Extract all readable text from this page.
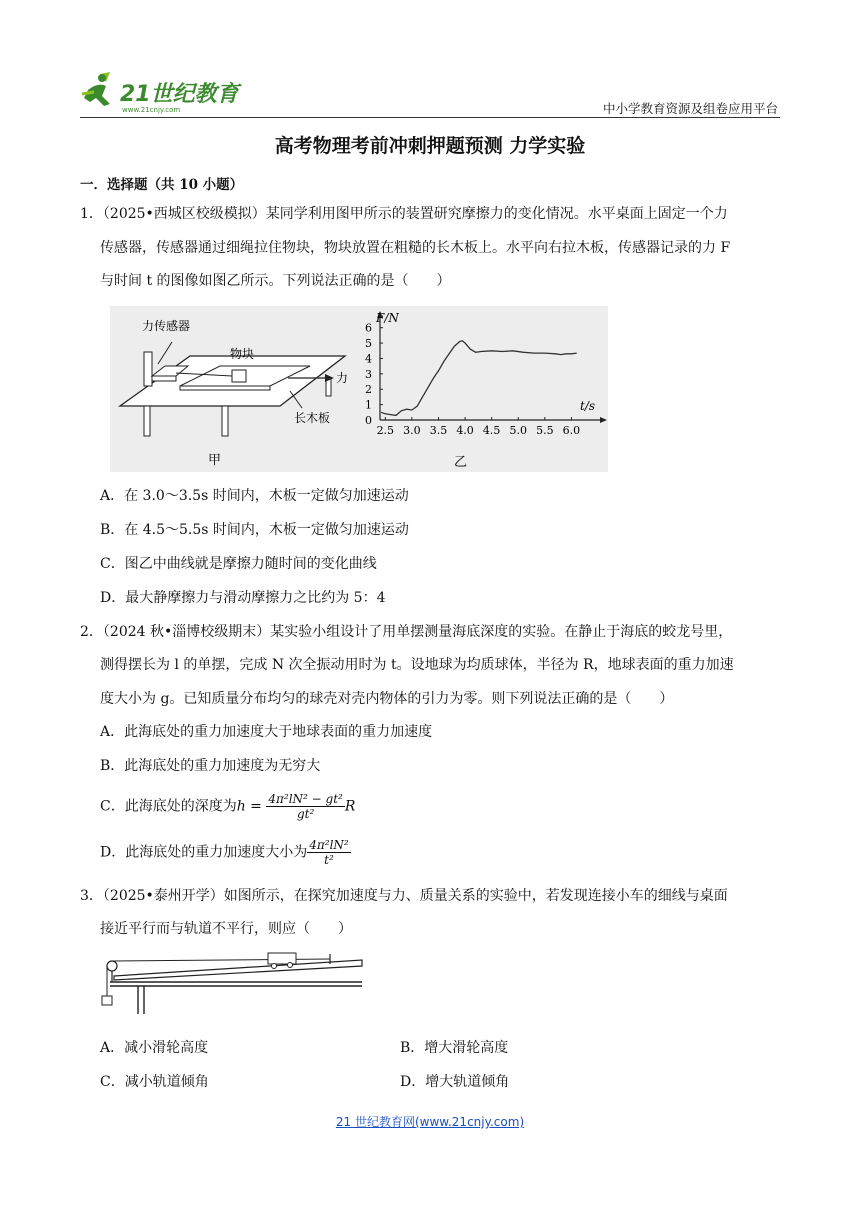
21世纪教育
www.21cnjy.com	中小学教育资源及组卷应用平台
高考物理考前冲刺押题预测 力学实验
一．选择题（共 10 小题）
1．（2025•西城区校级模拟）某同学利用图甲所示的装置研究摩擦力的变化情况。水平桌面上固定一个力
传感器，传感器通过细绳拉住物块，物块放置在粗糙的长木板上。水平向右拉木板，传感器记录的力 F
与时间 t 的图像如图乙所示。下列说法正确的是（　　）
力传感器
物块
力
长木板
甲
2.5 3.0 3.5 4.0 4.5 5.0 5.5 6.0
0
1
2
3
4
5
6
F/N
t/s
乙
A．在 3.0～3.5s 时间内，木板一定做匀加速运动
B．在 4.5～5.5s 时间内，木板一定做匀加速运动
C．图乙中曲线就是摩擦力随时间的变化曲线
D．最大静摩擦力与滑动摩擦力之比约为 5：4
2．（2024 秋•淄博校级期末）某实验小组设计了用单摆测量海底深度的实验。在静止于海底的蛟龙号里，
测得摆长为 l 的单摆，完成 N 次全振动用时为 t。设地球为均质球体，半径为 R，地球表面的重力加速
度大小为 g。已知质量分布均匀的球壳对壳内物体的引力为零。则下列说法正确的是（　　）
A．此海底处的重力加速度大于地球表面的重力加速度
B．此海底处的重力加速度为无穷大
C．此海底处的深度为$h = \frac{\text{4π²lN² − gt²}}{\text{gt²}}$ R
D．此海底处的重力加速度大小为 $\frac{\text{4π²lN²}}{\text{t²}}$
3．（2025•泰州开学）如图所示，在探究加速度与力、质量关系的实验中，若发现连接小车的细线与桌面
接近平行而与轨道不平行，则应（　　）
A．减小滑轮高度	B．增大滑轮高度
C．减小轨道倾角	D．增大轨道倾角
21 世纪教育网(www.21cnjy.com)
